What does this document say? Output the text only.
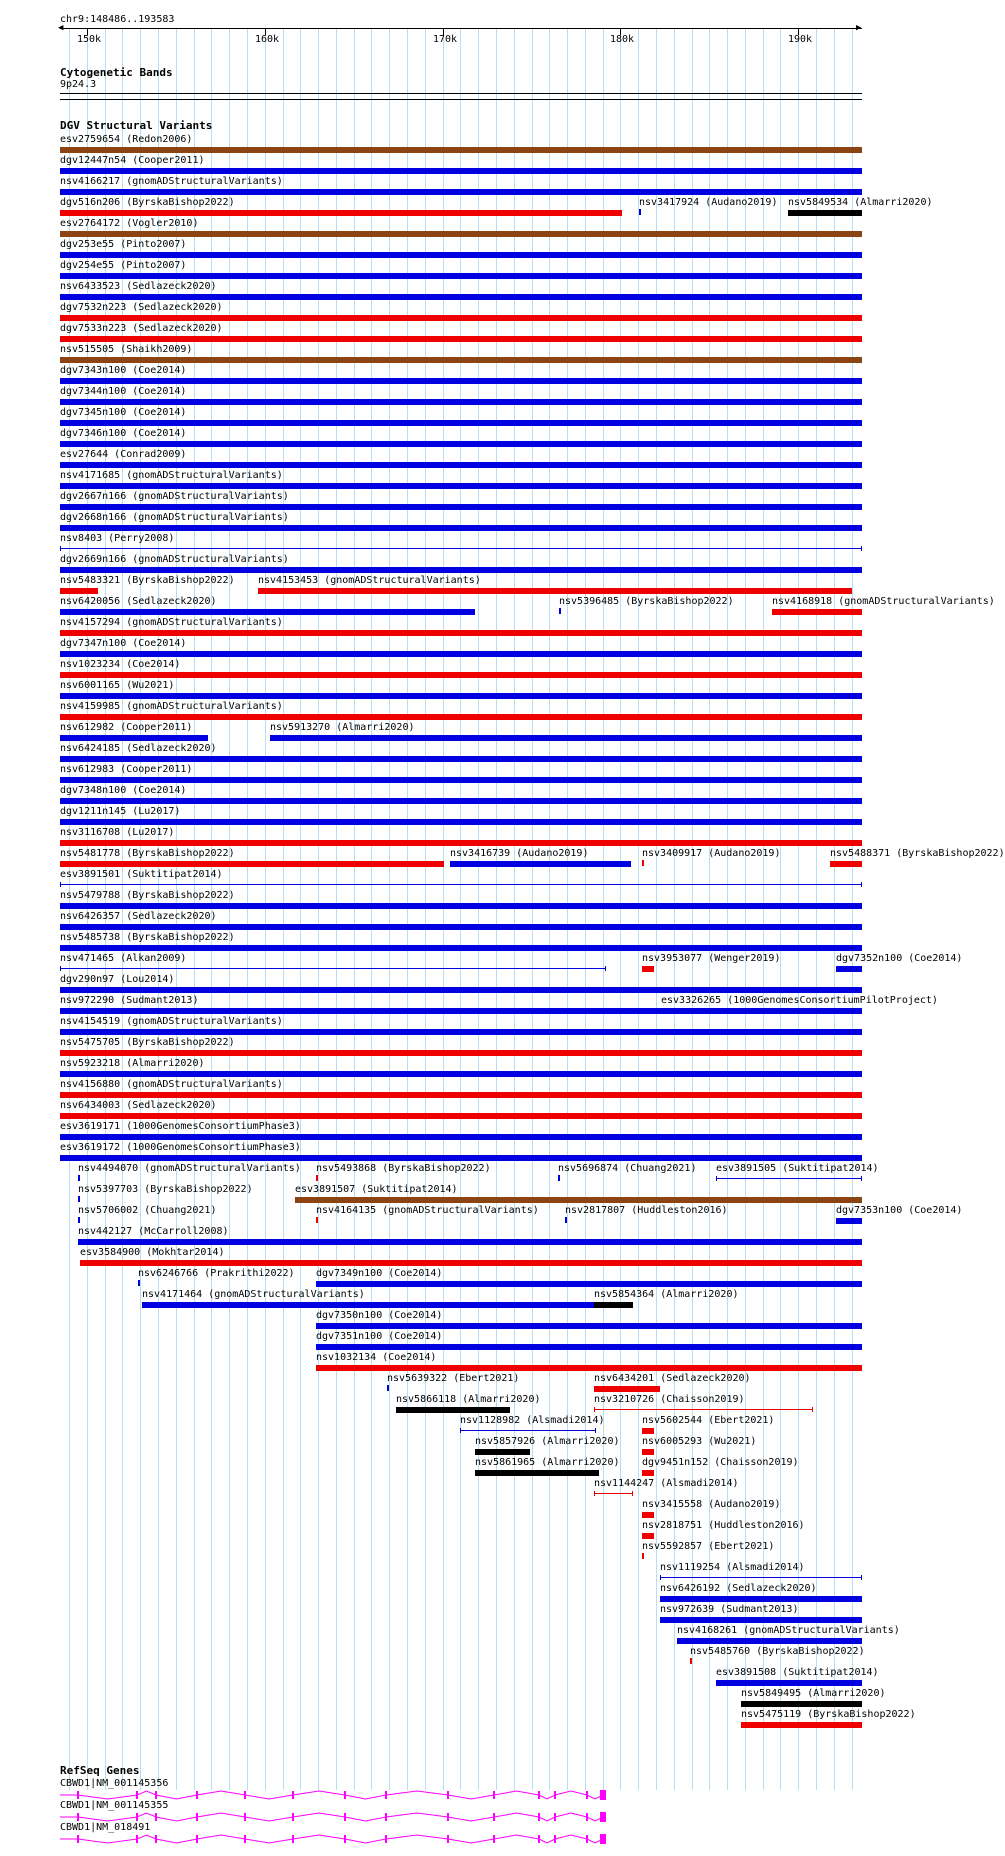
chr9:148486..193583
◀	▶
150k	160k	170k	180k	190k
Cytogenetic Bands
9p24.3
DGV Structural Variants
esv2759654 (Redon2006)
dgv12447n54 (Cooper2011)
nsv4166217 (gnomADStructuralVariants)
dgv516n206 (ByrskaBishop2022)	nsv3417924 (Audano2019) nsv5849534 (Almarri2020)
esv2764172 (Vogler2010)
dgv253e55 (Pinto2007)
dgv254e55 (Pinto2007)
nsv6433523 (Sedlazeck2020)
dgv7532n223 (Sedlazeck2020)
dgv7533n223 (Sedlazeck2020)
nsv515505 (Shaikh2009)
dgv7343n100 (Coe2014)
dgv7344n100 (Coe2014)
dgv7345n100 (Coe2014)
dgv7346n100 (Coe2014)
esv27644 (Conrad2009)
nsv4171685 (gnomADStructuralVariants)
dgv2667n166 (gnomADStructuralVariants)
dgv2668n166 (gnomADStructuralVariants)
nsv8403 (Perry2008)
dgv2669n166 (gnomADStructuralVariants)
nsv5483321 (ByrskaBishop2022) nsv4153453 (gnomADStructuralVariants)
nsv6420056 (Sedlazeck2020)	nsv5396485 (ByrskaBishop2022)	nsv4168918 (gnomADStructuralVariants)
nsv4157294 (gnomADStructuralVariants)
dgv7347n100 (Coe2014)
nsv1023234 (Coe2014)
nsv6001165 (Wu2021)
nsv4159985 (gnomADStructuralVariants)
nsv612982 (Cooper2011)	nsv5913270 (Almarri2020)
nsv6424185 (Sedlazeck2020)
nsv612983 (Cooper2011)
dgv7348n100 (Coe2014)
dgv1211n145 (Lu2017)
nsv3116708 (Lu2017)
nsv5481778 (ByrskaBishop2022)	nsv3416739 (Audano2019)	nsv3409917 (Audano2019)	nsv5488371 (ByrskaBishop2022)
esv3891501 (Suktitipat2014)
nsv5479788 (ByrskaBishop2022)
nsv6426357 (Sedlazeck2020)
nsv5485738 (ByrskaBishop2022)
nsv471465 (Alkan2009)	nsv3953077 (Wenger2019)	dgv7352n100 (Coe2014)
dgv290n97 (Lou2014)
nsv972290 (Sudmant2013)	esv3326265 (1000GenomesConsortiumPilotProject)
nsv4154519 (gnomADStructuralVariants)
nsv5475705 (ByrskaBishop2022)
nsv5923218 (Almarri2020)
nsv4156880 (gnomADStructuralVariants)
nsv6434003 (Sedlazeck2020)
esv3619171 (1000GenomesConsortiumPhase3)
esv3619172 (1000GenomesConsortiumPhase3)
nsv4494070 (gnomADStructuralVariants) nsv5493868 (ByrskaBishop2022)	nsv5696874 (Chuang2021) esv3891505 (Suktitipat2014)
nsv5397703 (ByrskaBishop2022)	esv3891507 (Suktitipat2014)
nsv5706002 (Chuang2021)	nsv4164135 (gnomADStructuralVariants)	nsv2817807 (Huddleston2016)	dgv7353n100 (Coe2014)
nsv442127 (McCarroll2008)
esv3584900 (Mokhtar2014)
nsv6246766 (Prakrithi2022) dgv7349n100 (Coe2014)
nsv4171464 (gnomADStructuralVariants)	nsv5854364 (Almarri2020)
dgv7350n100 (Coe2014)
dgv7351n100 (Coe2014)
nsv1032134 (Coe2014)
nsv5639322 (Ebert2021)	nsv6434201 (Sedlazeck2020)
nsv5866118 (Almarri2020)	nsv3210726 (Chaisson2019)
nsv1128982 (Alsmadi2014)	nsv5602544 (Ebert2021)
nsv5857926 (Almarri2020) nsv6005293 (Wu2021)
nsv5861965 (Almarri2020) dgv9451n152 (Chaisson2019)
nsv1144247 (Alsmadi2014)
nsv3415558 (Audano2019)
nsv2818751 (Huddleston2016)
nsv5592857 (Ebert2021)
nsv1119254 (Alsmadi2014)
nsv6426192 (Sedlazeck2020)
nsv972639 (Sudmant2013)
nsv4168261 (gnomADStructuralVariants)
nsv5485760 (ByrskaBishop2022)
esv3891508 (Suktitipat2014)
nsv5849495 (Almarri2020)
nsv5475119 (ByrskaBishop2022)
RefSeq Genes
CBWD1|NM_001145356
CBWD1|NM_001145355
CBWD1|NM_018491
